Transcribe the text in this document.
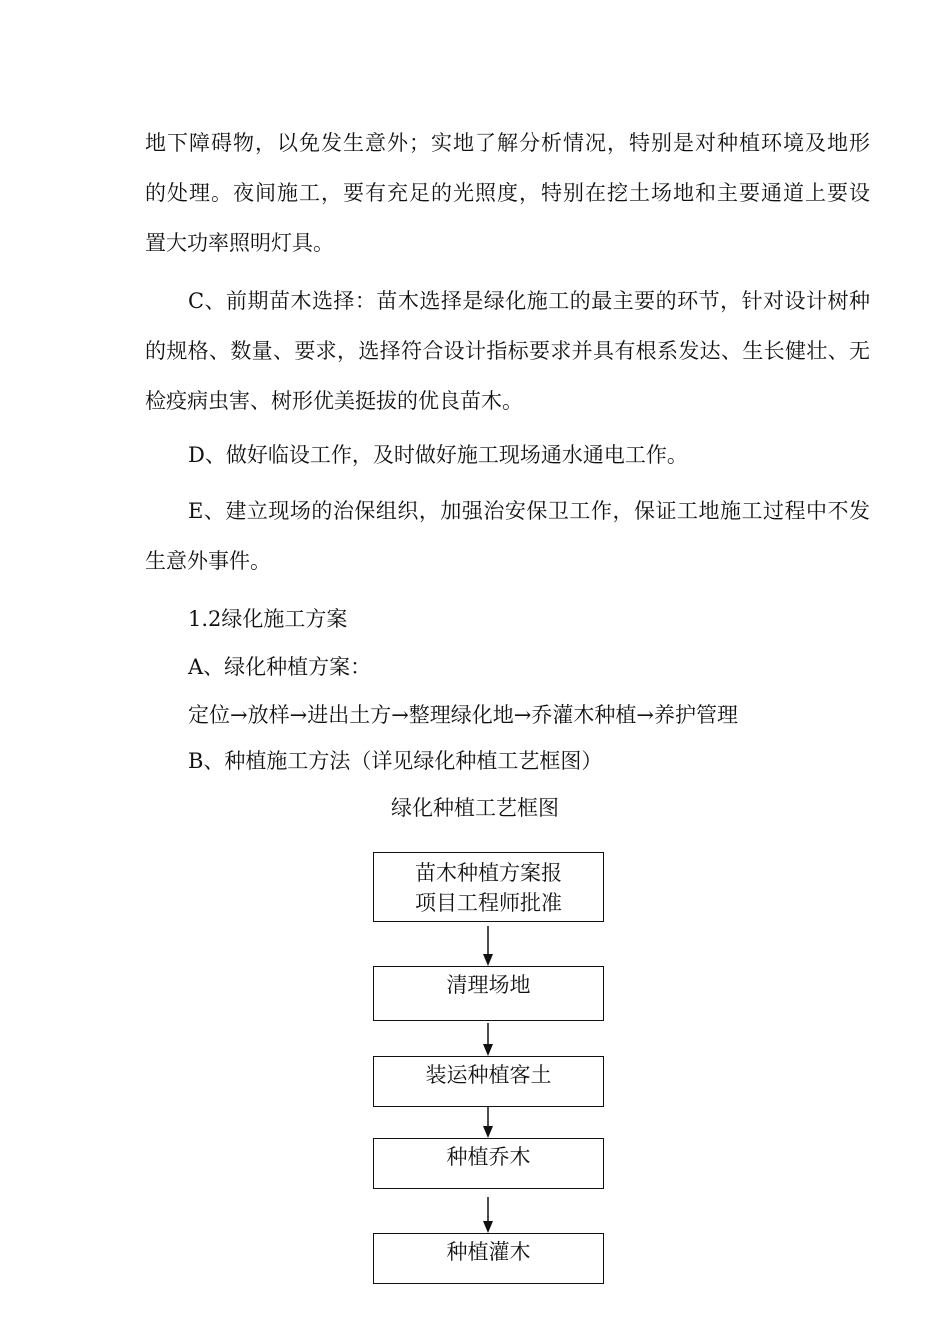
地下障碍物，以免发生意外；实地了解分析情况，特别是对种植环境及地形
的处理。夜间施工，要有充足的光照度，特别在挖土场地和主要通道上要设
置大功率照明灯具。
C、前期苗木选择：苗木选择是绿化施工的最主要的环节，针对设计树种
的规格、数量、要求，选择符合设计指标要求并具有根系发达、生长健壮、无
检疫病虫害、树形优美挺拔的优良苗木。
D、做好临设工作，及时做好施工现场通水通电工作。
E、建立现场的治保组织，加强治安保卫工作，保证工地施工过程中不发
生意外事件。
1.2绿化施工方案
A、绿化种植方案：
定位→放样→进出土方→整理绿化地→乔灌木种植→养护管理
B、种植施工方法（详见绿化种植工艺框图）
绿化种植工艺框图
苗木种植方案报
项目工程师批准
清理场地
装运种植客土
种植乔木
种植灌木
